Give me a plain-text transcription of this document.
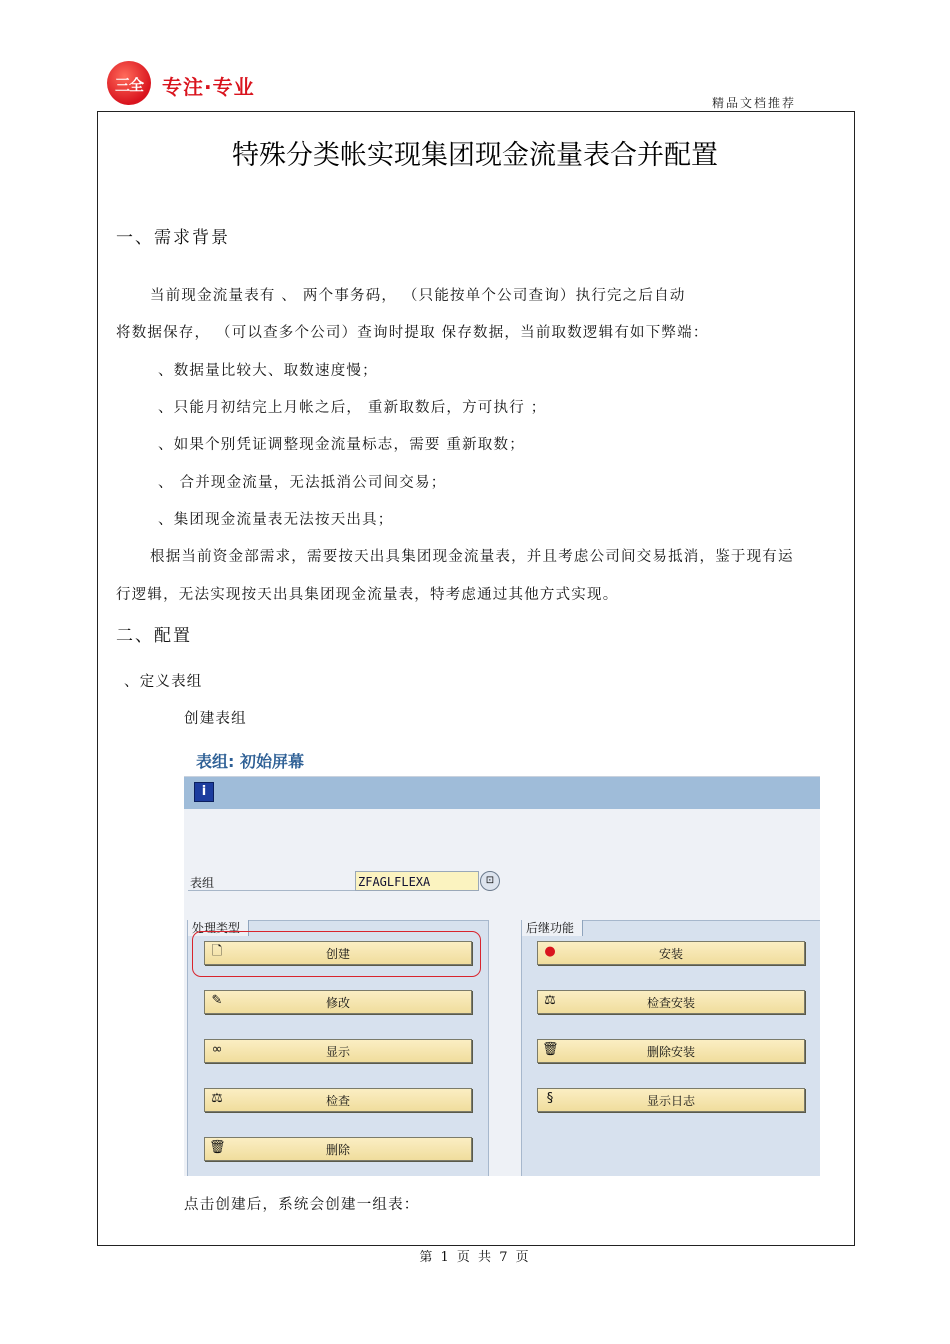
三全 专注·专业
精品文档推荐
特殊分类帐实现集团现金流量表合并配置
一、需求背景
当前现金流量表有 、 两个事务码， （只能按单个公司查询）执行完之后自动
将数据保存， （可以查多个公司）查询时提取 保存数据，当前取数逻辑有如下弊端：
、数据量比较大、取数速度慢；
、只能月初结完上月帐之后， 重新取数后，方可执行 ；
、如果个别凭证调整现金流量标志，需要 重新取数；
、 合并现金流量，无法抵消公司间交易；
、集团现金流量表无法按天出具；
根据当前资金部需求，需要按天出具集团现金流量表，并且考虑公司间交易抵消，鉴于现有运
行逻辑，无法实现按天出具集团现金流量表，特考虑通过其他方式实现。
二、配置
、定义表组
创建表组
表组: 初始屏幕
i
表组	ZFAGLFLEXA	⊡
处理类型
🗋	创建
✎	修改
∞	显示
⚖	检查
🗑	删除
后继功能
●	安装
⚖	检查安装
🗑	删除安装
§	显示日志
点击创建后，系统会创建一组表：
第 1 页 共 7 页
